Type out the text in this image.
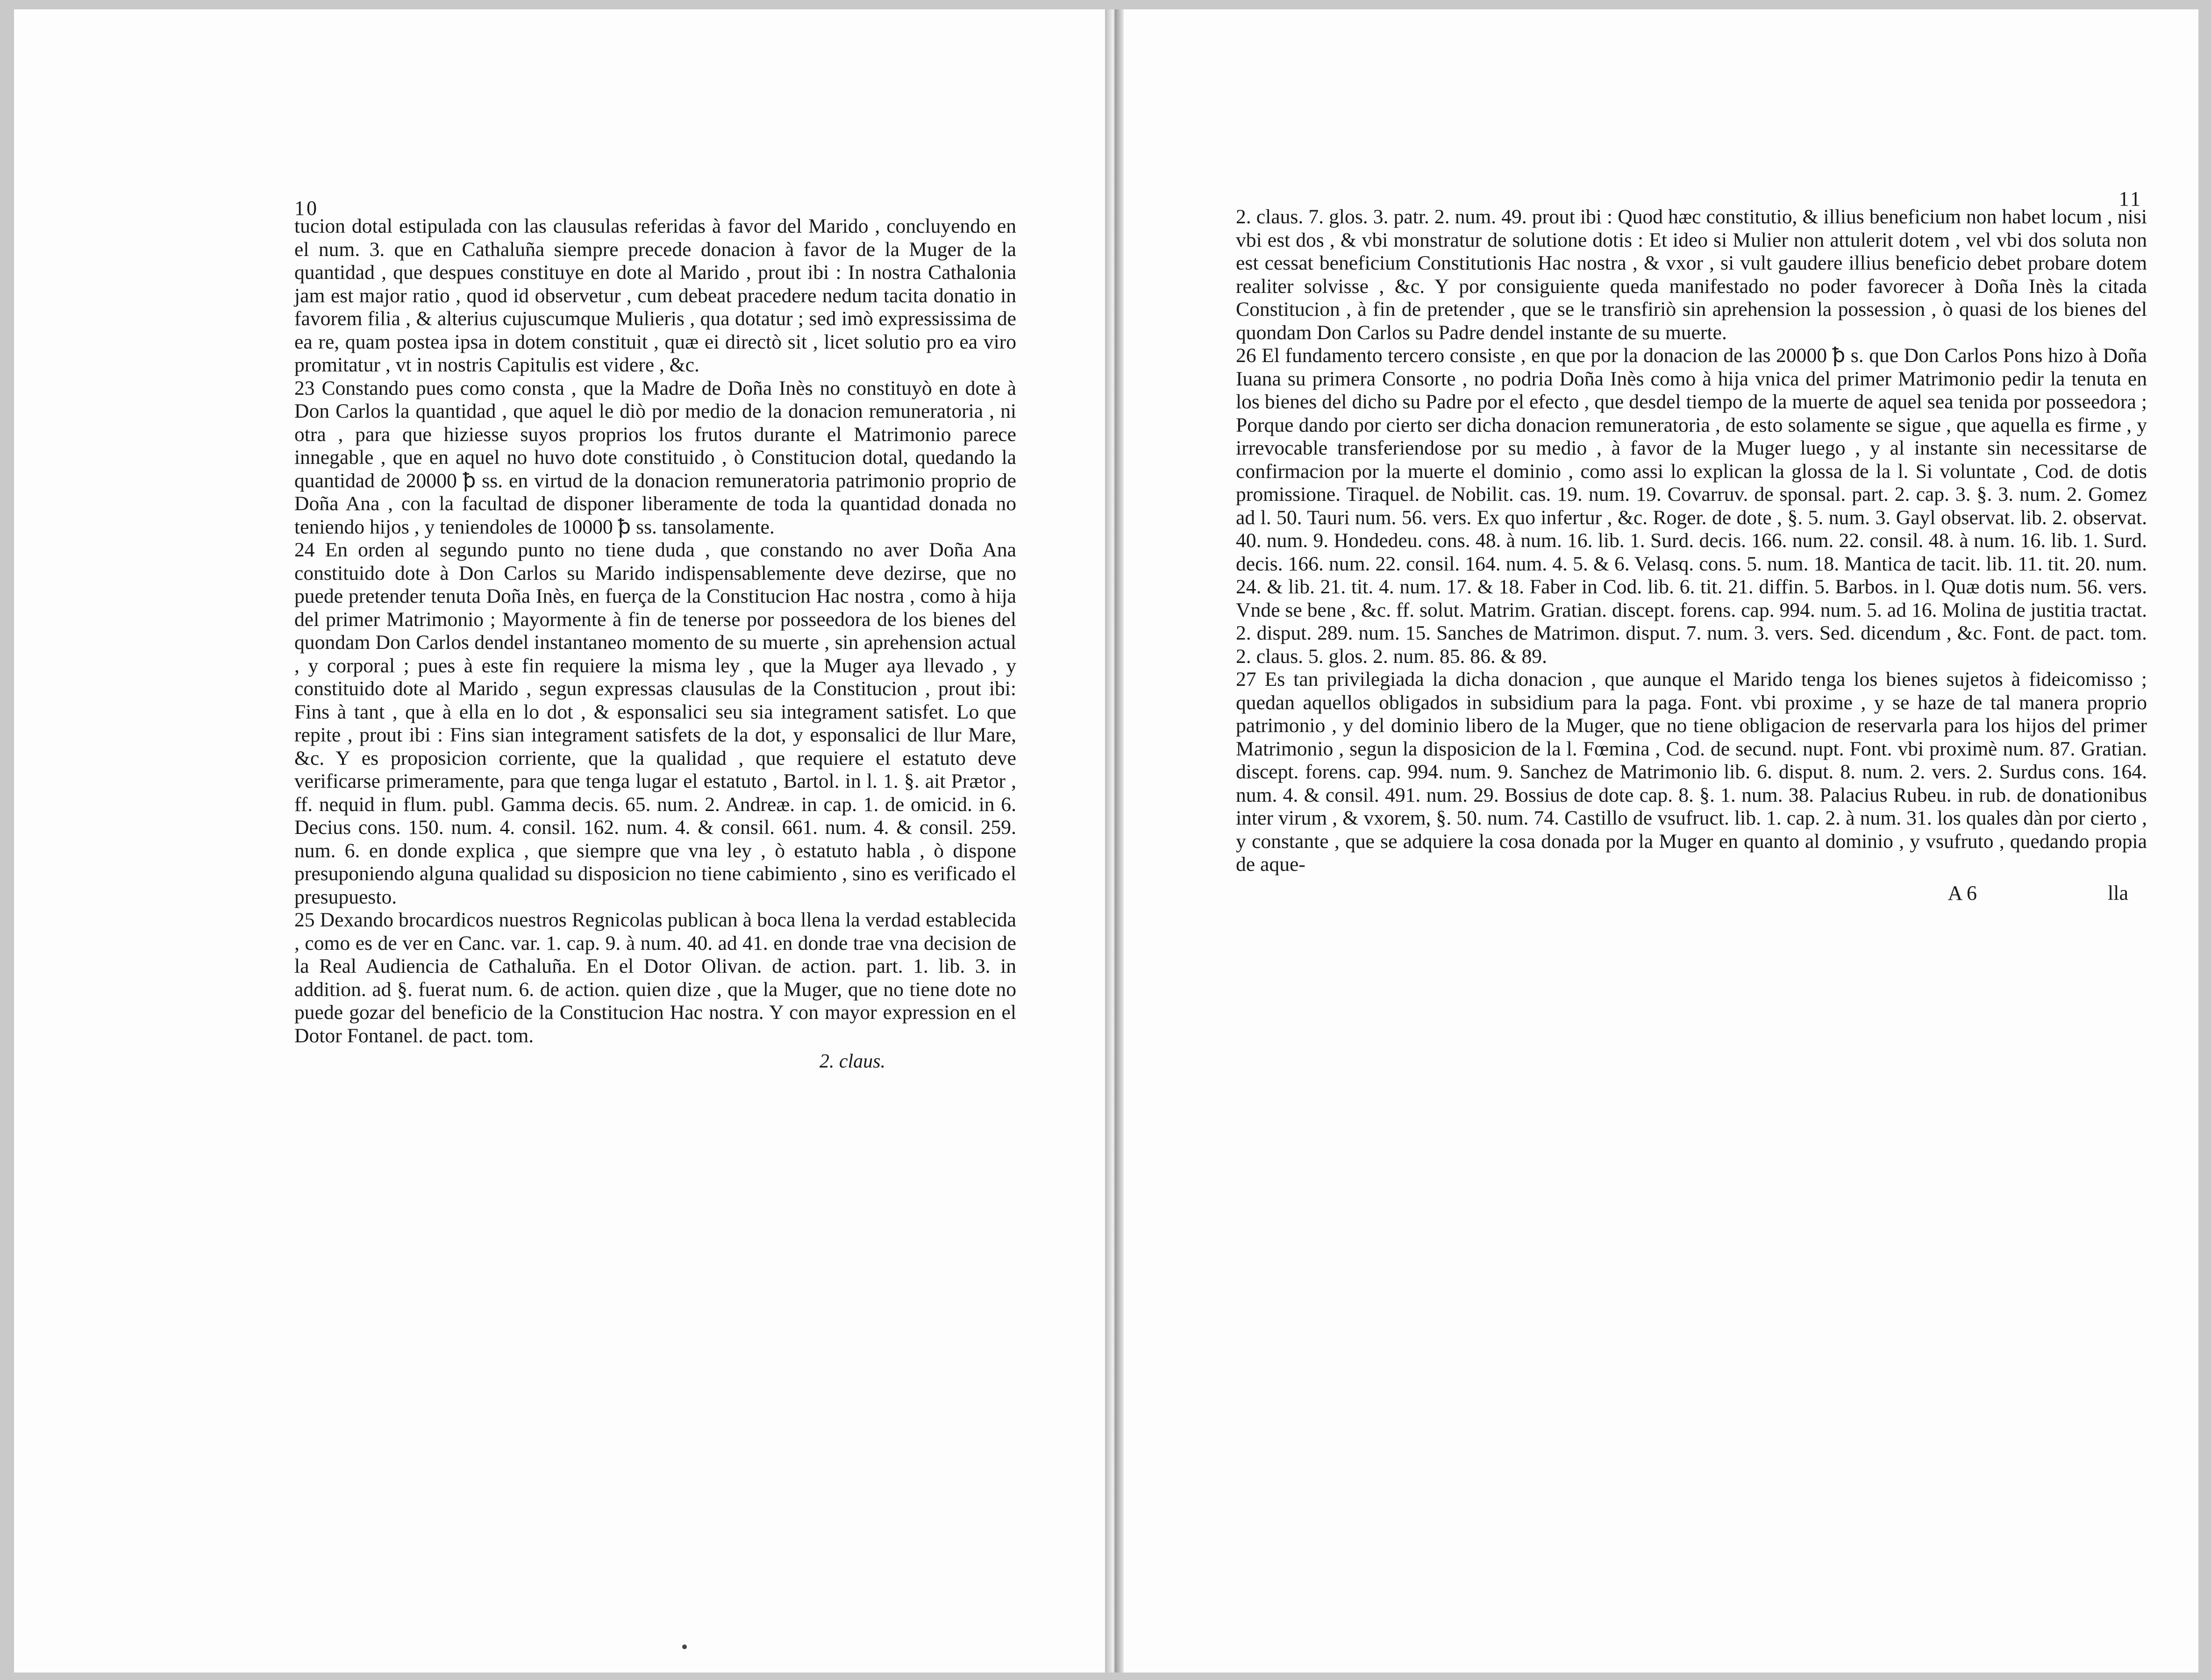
10

tucion dotal estipulada con las clausulas referidas à favor del Marido , concluyendo en el num. 3. que en Cathaluña siempre precede donacion à favor de la Muger de la quantidad , que despues constituye en dote al Marido , prout ibi : In nostra Cathalonia jam est major ratio , quod id observetur , cum debeat pracedere nedum tacita donatio in favorem filia , & alterius cujuscumque Mulieris , qua dotatur ; sed imò expressissima de ea re, quam postea ipsa in dotem constituit , quæ ei directò sit , licet solutio pro ea viro promitatur , vt in nostris Capitulis est videre , &c.

23 Constando pues como consta , que la Madre de Doña Inès no constituyò en dote à Don Carlos la quantidad , que aquel le diò por medio de la donacion remuneratoria , ni otra , para que hiziesse suyos proprios los frutos durante el Matrimonio parece innegable , que en aquel no huvo dote constituido , ò Constitucion dotal, quedando la quantidad de 20000 ꝥ ss. en virtud de la donacion remuneratoria patrimonio proprio de Doña Ana , con la facultad de disponer liberamente de toda la quantidad donada no teniendo hijos , y teniendoles de 10000 ꝥ ss. tansolamente.

24 En orden al segundo punto no tiene duda , que constando no aver Doña Ana constituido dote à Don Carlos su Marido indispensablemente deve dezirse, que no puede pretender tenuta Doña Inès, en fuerça de la Constitucion Hac nostra , como à hija del primer Matrimonio ; Mayormente à fin de tenerse por posseedora de los bienes del quondam Don Carlos dendel instantaneo momento de su muerte , sin aprehension actual , y corporal ; pues à este fin requiere la misma ley , que la Muger aya llevado , y constituido dote al Marido , segun expressas clausulas de la Constitucion , prout ibi: Fins à tant , que à ella en lo dot , & esponsalici seu sia integrament satisfet. Lo que repite , prout ibi : Fins sian integrament satisfets de la dot, y esponsalici de llur Mare, &c. Y es proposicion corriente, que la qualidad , que requiere el estatuto deve verificarse primeramente, para que tenga lugar el estatuto , Bartol. in l. 1. §. ait Prætor , ff. nequid in flum. publ. Gamma decis. 65. num. 2. Andreæ. in cap. 1. de omicid. in 6. Decius cons. 150. num. 4. consil. 162. num. 4. & consil. 661. num. 4. & consil. 259. num. 6. en donde explica , que siempre que vna ley , ò estatuto habla , ò dispone presuponiendo alguna qualidad su disposicion no tiene cabimiento , sino es verificado el presupuesto.

25 Dexando brocardicos nuestros Regnicolas publican à boca llena la verdad establecida , como es de ver en Canc. var. 1. cap. 9. à num. 40. ad 41. en donde trae vna decision de la Real Audiencia de Cathaluña. En el Dotor Olivan. de action. part. 1. lib. 3. in addition. ad §. fuerat num. 6. de action. quien dize , que la Muger, que no tiene dote no puede gozar del beneficio de la Constitucion Hac nostra. Y con mayor expression en el Dotor Fontanel. de pact. tom.

2. claus.
11

2. claus. 7. glos. 3. patr. 2. num. 49. prout ibi : Quod hæc constitutio, & illius beneficium non habet locum , nisi vbi est dos , & vbi monstratur de solutione dotis : Et ideo si Mulier non attulerit dotem , vel vbi dos soluta non est cessat beneficium Constitutionis Hac nostra , & vxor , si vult gaudere illius beneficio debet probare dotem realiter solvisse , &c. Y por consiguiente queda manifestado no poder favorecer à Doña Inès la citada Constitucion , à fin de pretender , que se le transfiriò sin aprehension la possession , ò quasi de los bienes del quondam Don Carlos su Padre dendel instante de su muerte.

26 El fundamento tercero consiste , en que por la donacion de las 20000 ꝥ s. que Don Carlos Pons hizo à Doña Iuana su primera Consorte , no podria Doña Inès como à hija vnica del primer Matrimonio pedir la tenuta en los bienes del dicho su Padre por el efecto , que desdel tiempo de la muerte de aquel sea tenida por posseedora ; Porque dando por cierto ser dicha donacion remuneratoria , de esto solamente se sigue , que aquella es firme , y irrevocable transferiendose por su medio , à favor de la Muger luego , y al instante sin necessitarse de confirmacion por la muerte el dominio , como assi lo explican la glossa de la l. Si voluntate , Cod. de dotis promissione. Tiraquel. de Nobilit. cas. 19. num. 19. Covarruv. de sponsal. part. 2. cap. 3. §. 3. num. 2. Gomez ad l. 50. Tauri num. 56. vers. Ex quo infertur , &c. Roger. de dote , §. 5. num. 3. Gayl observat. lib. 2. observat. 40. num. 9. Hondedeu. cons. 48. à num. 16. lib. 1. Surd. decis. 166. num. 22. consil. 48. à num. 16. lib. 1. Surd. decis. 166. num. 22. consil. 164. num. 4. 5. & 6. Velasq. cons. 5. num. 18. Mantica de tacit. lib. 11. tit. 20. num. 24. & lib. 21. tit. 4. num. 17. & 18. Faber in Cod. lib. 6. tit. 21. diffin. 5. Barbos. in l. Quæ dotis num. 56. vers. Vnde se bene , &c. ff. solut. Matrim. Gratian. discept. forens. cap. 994. num. 5. ad 16. Molina de justitia tractat. 2. disput. 289. num. 15. Sanches de Matrimon. disput. 7. num. 3. vers. Sed. dicendum , &c. Font. de pact. tom. 2. claus. 5. glos. 2. num. 85. 86. & 89.

27 Es tan privilegiada la dicha donacion , que aunque el Marido tenga los bienes sujetos à fideicomisso ; quedan aquellos obligados in subsidium para la paga. Font. vbi proxime , y se haze de tal manera proprio patrimonio , y del dominio libero de la Muger, que no tiene obligacion de reservarla para los hijos del primer Matrimonio , segun la disposicion de la l. Fœmina , Cod. de secund. nupt. Font. vbi proximè num. 87. Gratian. discept. forens. cap. 994. num. 9. Sanchez de Matrimonio lib. 6. disput. 8. num. 2. vers. 2. Surdus cons. 164. num. 4. & consil. 491. num. 29. Bossius de dote cap. 8. §. 1. num. 38. Palacius Rubeu. in rub. de donationibus inter virum , & vxorem, §. 50. num. 74. Castillo de vsufruct. lib. 1. cap. 2. à num. 31. los quales dàn por cierto , y constante , que se adquiere la cosa donada por la Muger en quanto al dominio , y vsufruto , quedando propia de aque-

A 6	lla
